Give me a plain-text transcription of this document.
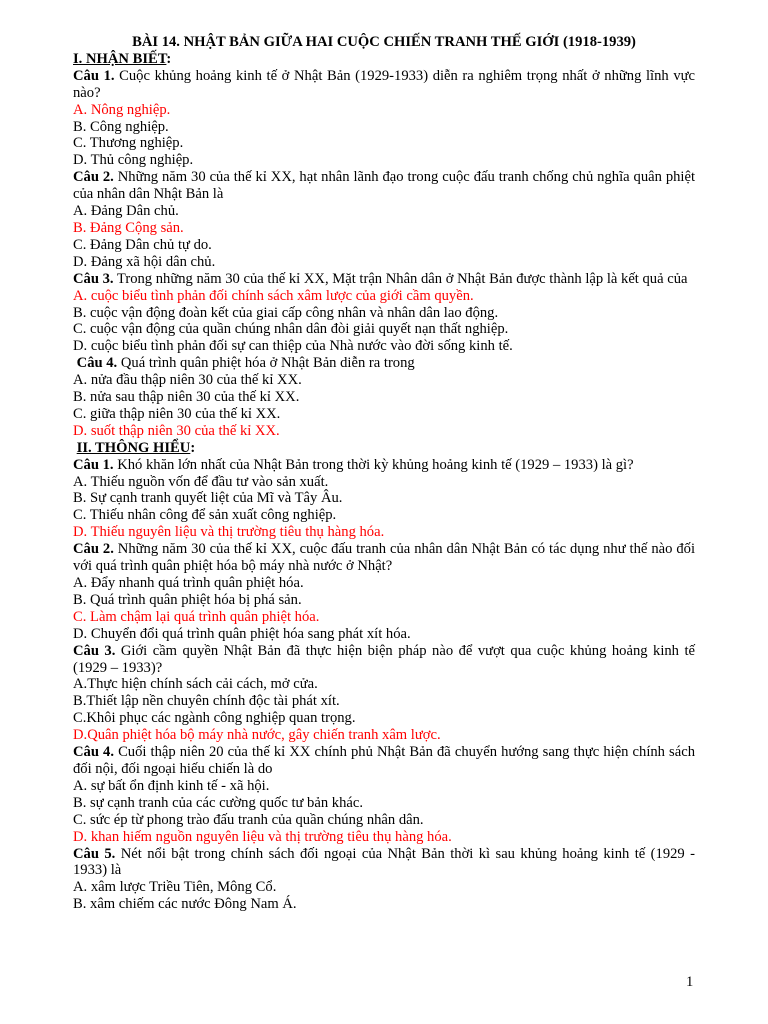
BÀI 14. NHẬT BẢN GIỮA HAI CUỘC CHIẾN TRANH THẾ GIỚI (1918-1939)
I. NHẬN BIẾT:
Câu 1. Cuộc khủng hoảng kinh tế ở Nhật Bản (1929-1933) diễn ra nghiêm trọng nhất ở những lĩnh vực nào?
A. Nông nghiệp.
B. Công nghiệp.
C. Thương nghiệp.
D. Thủ công nghiệp.
Câu 2. Những năm 30 của thế kỉ XX, hạt nhân lãnh đạo trong cuộc đấu tranh chống chủ nghĩa quân phiệt của nhân dân Nhật Bản là
A. Đảng Dân chủ.
B. Đảng Cộng sản.
C. Đảng Dân chủ tự do.
D. Đảng xã hội dân chủ.
Câu 3. Trong những năm 30 của thế kỉ XX, Mặt trận Nhân dân ở Nhật Bản được thành lập là kết quả của
A. cuộc biểu tình phản đối chính sách xâm lược của giới cầm quyền.
B. cuộc vận động đoàn kết của giai cấp công nhân và nhân dân lao động.
C. cuộc vận động của quần chúng nhân dân đòi giải quyết nạn thất nghiệp.
D. cuộc biểu tình phản đối sự can thiệp của Nhà nước vào đời sống kinh tế.
Câu 4. Quá trình quân phiệt hóa ở Nhật Bản diễn ra trong
A. nửa đầu thập niên 30 của thế kỉ XX.
B. nửa sau thập niên 30 của thế kỉ XX.
C. giữa thập niên 30 của thế kỉ XX.
D. suốt thập niên 30 của thế kỉ XX.
II. THÔNG HIỂU:
Câu 1. Khó khăn lớn nhất của Nhật Bản trong thời kỳ khủng hoảng kinh tế (1929 – 1933) là gì?
A. Thiếu nguồn vốn để đầu tư vào sản xuất.
B. Sự cạnh tranh quyết liệt của Mĩ và Tây Âu.
C. Thiếu nhân công để sản xuất công nghiệp.
D. Thiếu nguyên liệu và thị trường tiêu thụ hàng hóa.
Câu 2. Những năm 30 của thế kỉ XX, cuộc đấu tranh của nhân dân Nhật Bản có tác dụng như thế nào đối với quá trình quân phiệt hóa bộ máy nhà nước ở Nhật?
A. Đẩy nhanh quá trình quân phiệt hóa.
B. Quá trình quân phiệt hóa bị phá sản.
C. Làm chậm lại quá trình quân phiệt hóa.
D. Chuyển đổi quá trình quân phiệt hóa sang phát xít hóa.
Câu 3. Giới cầm quyền Nhật Bản đã thực hiện biện pháp nào để vượt qua cuộc khủng hoảng kinh tế (1929 – 1933)?
A.Thực hiện chính sách cải cách, mở cửa.
B.Thiết lập nền chuyên chính độc tài phát xít.
C.Khôi phục các ngành công nghiệp quan trọng.
D.Quân phiệt hóa bộ máy nhà nước, gây chiến tranh xâm lược.
Câu 4. Cuối thập niên 20 của thế kỉ XX chính phủ Nhật Bản đã chuyển hướng sang thực hiện chính sách đối nội, đối ngoại hiếu chiến là do
A. sự bất ổn định kinh tế - xã hội.
B. sự cạnh tranh của các cường quốc tư bản khác.
C. sức ép từ phong trào đấu tranh của quần chúng nhân dân.
D. khan hiếm nguồn nguyên liệu và thị trường tiêu thụ hàng hóa.
Câu 5. Nét nổi bật trong chính sách đối ngoại của Nhật Bản thời kì sau khủng hoảng kinh tế (1929 - 1933) là
A. xâm lược Triều Tiên, Mông Cổ.
B. xâm chiếm các nước Đông Nam Á.
1
